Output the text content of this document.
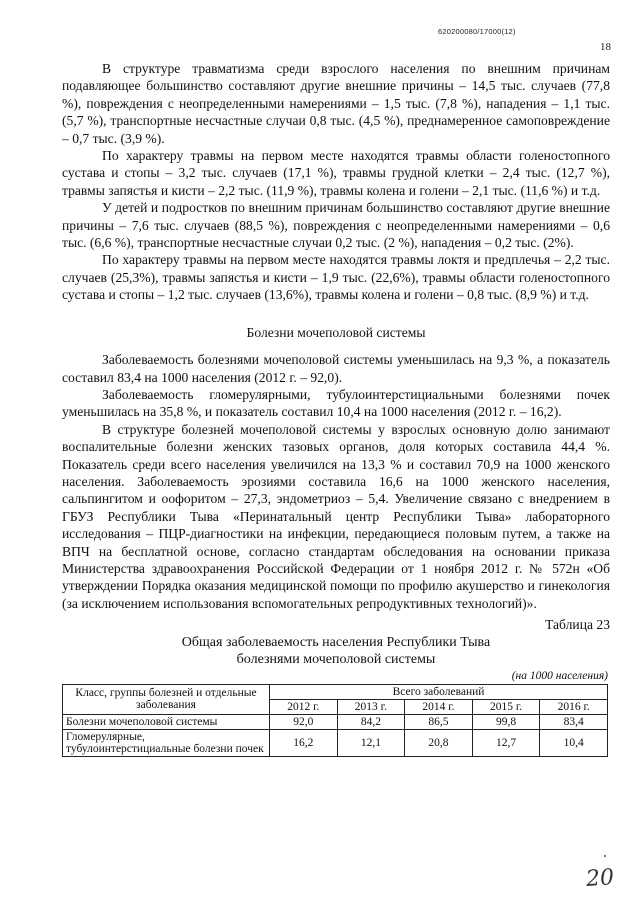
620200080/17000(12)
18

В структуре травматизма среди взрослого населения по внешним причинам подавляющее большинство составляют другие внешние причины – 14,5 тыс. случаев (77,8 %), повреждения с неопределенными намерениями – 1,5 тыс. (7,8 %), нападения – 1,1 тыс. (5,7 %), транспортные несчастные случаи 0,8 тыс. (4,5 %), преднамеренное самоповреждение – 0,7 тыс. (3,9 %).

По характеру травмы на первом месте находятся травмы области голеностопного сустава и стопы – 3,2 тыс. случаев (17,1 %), травмы грудной клетки – 2,4 тыс. (12,7 %), травмы запястья и кисти – 2,2 тыс. (11,9 %), травмы колена и голени – 2,1 тыс. (11,6 %) и т.д.

У детей и подростков по внешним причинам большинство составляют другие внешние причины – 7,6 тыс. случаев (88,5 %), повреждения с неопределенными намерениями – 0,6 тыс. (6,6 %), транспортные несчастные случаи 0,2 тыс. (2 %), нападения – 0,2 тыс. (2%).

По характеру травмы на первом месте находятся травмы локтя и предплечья – 2,2 тыс. случаев (25,3%), травмы запястья и кисти – 1,9 тыс. (22,6%), травмы области голеностопного сустава и стопы – 1,2 тыс. случаев (13,6%), травмы колена и голени – 0,8 тыс. (8,9 %) и т.д.

Болезни мочеполовой системы

Заболеваемость болезнями мочеполовой системы уменьшилась на 9,3 %, а показатель составил 83,4 на 1000 населения (2012 г. – 92,0).

Заболеваемость гломерулярными, тубулоинтерстициальными болезнями почек уменьшилась на 35,8 %, и показатель составил 10,4 на 1000 населения (2012 г. – 16,2).

В структуре болезней мочеполовой системы у взрослых основную долю занимают воспалительные болезни женских тазовых органов, доля которых составила 44,4 %. Показатель среди всего населения увеличился на 13,3 % и составил 70,9 на 1000 женского населения. Заболеваемость эрозиями составила 16,6 на 1000 женского населения, сальпингитом и оофоритом – 27,3, эндометриоз – 5,4. Увеличение связано с внедрением в ГБУЗ Республики Тыва «Перинатальный центр Республики Тыва» лабораторного исследования – ПЦР-диагностики на инфекции, передающиеся половым путем, а также на ВПЧ на бесплатной основе, согласно стандартам обследования на основании приказа Министерства здравоохранения Российской Федерации от 1 ноября 2012 г. № 572н «Об утверждении Порядка оказания медицинской помощи по профилю акушерство и гинекология (за исключением использования вспомогательных репродуктивных технологий)».

Таблица 23

Общая заболеваемость населения Республики Тыва

болезнями мочеполовой системы

(на 1000 населения)

Класс, группы болезней и отдельные заболевания	Всего заболеваний				
	2012 г.	2013 г.	2014 г.	2015 г.	2016 г.
Болезни мочеполовой системы	92,0	84,2	86,5	99,8	83,4
Гломерулярные, тубулоинтерстициальные болезни почек	16,2	12,1	20,8	12,7	10,4
20
